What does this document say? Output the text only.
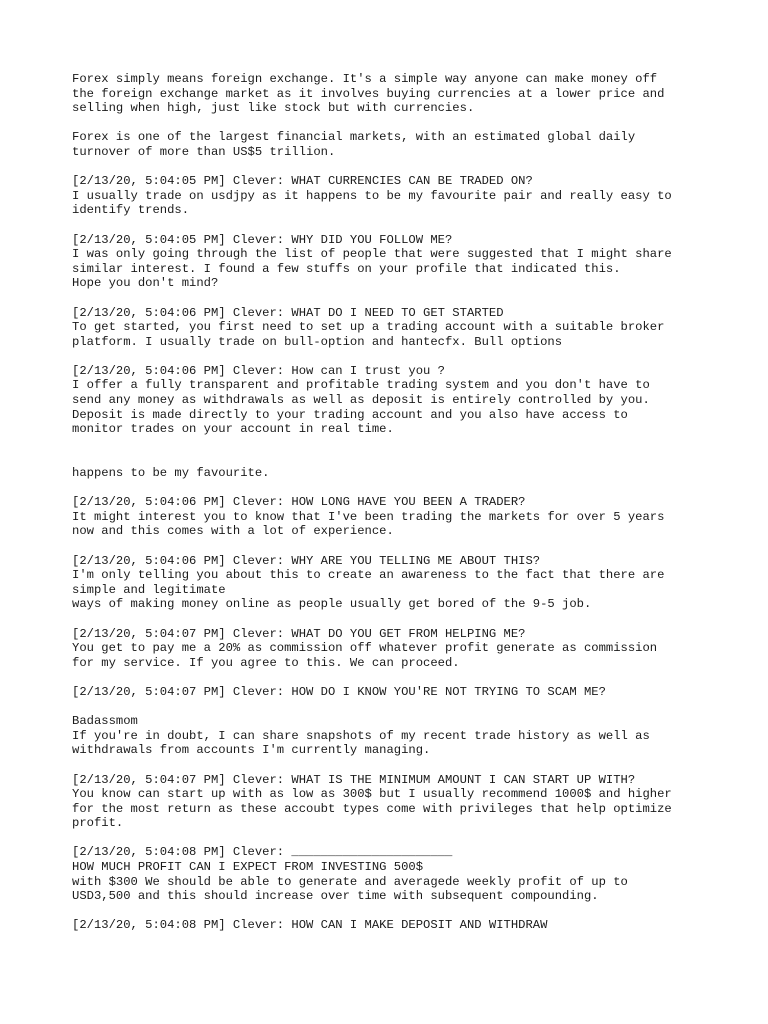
Forex simply means foreign exchange. It's a simple way anyone can make money off
the foreign exchange market as it involves buying currencies at a lower price and
selling when high, just like stock but with currencies.
Forex is one of the largest financial markets, with an estimated global daily
turnover of more than US$5 trillion.
[2/13/20, 5:04:05 PM] Clever: WHAT CURRENCIES CAN BE TRADED ON?
I usually trade on usdjpy as it happens to be my favourite pair and really easy to
identify trends.
[2/13/20, 5:04:05 PM] Clever: WHY DID YOU FOLLOW ME?
I was only going through the list of people that were suggested that I might share
similar interest. I found a few stuffs on your profile that indicated this.
Hope you don't mind?
[2/13/20, 5:04:06 PM] Clever: WHAT DO I NEED TO GET STARTED
To get started, you first need to set up a trading account with a suitable broker
platform. I usually trade on bull-option and hantecfx. Bull options
[2/13/20, 5:04:06 PM] Clever: How can I trust you ?
I offer a fully transparent and profitable trading system and you don't have to
send any money as withdrawals as well as deposit is entirely controlled by you.
Deposit is made directly to your trading account and you also have access to
monitor trades on your account in real time.
happens to be my favourite.
[2/13/20, 5:04:06 PM] Clever: HOW LONG HAVE YOU BEEN A TRADER?
It might interest you to know that I've been trading the markets for over 5 years
now and this comes with a lot of experience.
[2/13/20, 5:04:06 PM] Clever: WHY ARE YOU TELLING ME ABOUT THIS?
I'm only telling you about this to create an awareness to the fact that there are
simple and legitimate
ways of making money online as people usually get bored of the 9-5 job.
[2/13/20, 5:04:07 PM] Clever: WHAT DO YOU GET FROM HELPING ME?
You get to pay me a 20% as commission off whatever profit generate as commission
for my service. If you agree to this. We can proceed.
[2/13/20, 5:04:07 PM] Clever: HOW DO I KNOW YOU'RE NOT TRYING TO SCAM ME?
Badassmom
If you're in doubt, I can share snapshots of my recent trade history as well as
withdrawals from accounts I'm currently managing.
[2/13/20, 5:04:07 PM] Clever: WHAT IS THE MINIMUM AMOUNT I CAN START UP WITH?
You know can start up with as low as 300$ but I usually recommend 1000$ and higher
for the most return as these accoubt types come with privileges that help optimize
profit.
[2/13/20, 5:04:08 PM] Clever: ______________________
HOW MUCH PROFIT CAN I EXPECT FROM INVESTING 500$
with $300 We should be able to generate and averagede weekly profit of up to
USD3,500 and this should increase over time with subsequent compounding.
[2/13/20, 5:04:08 PM] Clever: HOW CAN I MAKE DEPOSIT AND WITHDRAW
